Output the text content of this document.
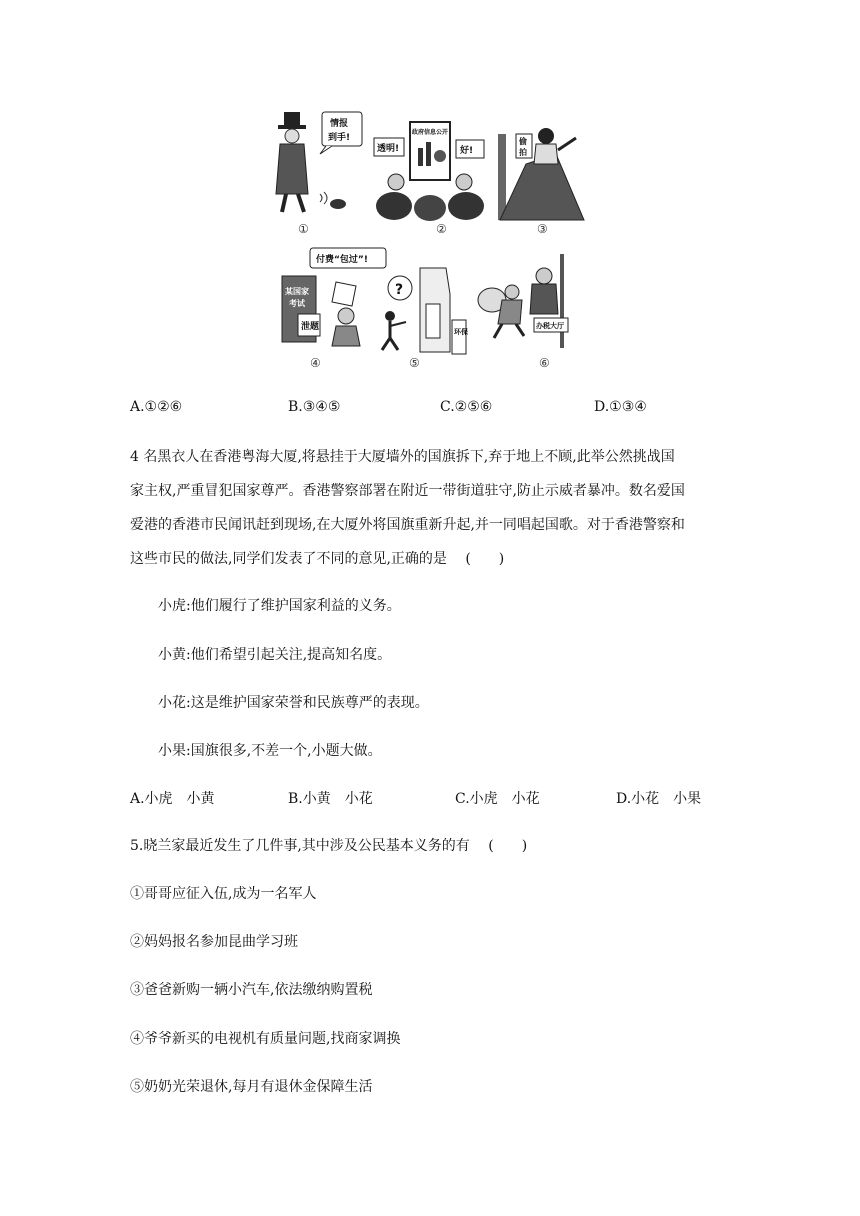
情报
到手!
①
政府信息公开
透明!	好!
②
偷
拍
③
付费“包过”!
某国家
考试
泄题
④
?
环保
⑤
办税大厅
⑥
A.①②⑥	B.③④⑤	C.②⑤⑥	D.①③④
4 名黑衣人在香港粤海大厦,将悬挂于大厦墙外的国旗拆下,弃于地上不顾,此举公然挑战国
家主权,严重冒犯国家尊严。香港警察部署在附近一带街道驻守,防止示威者暴冲。数名爱国
爱港的香港市民闻讯赶到现场,在大厦外将国旗重新升起,并一同唱起国歌。对于香港警察和
这些市民的做法,同学们发表了不同的意见,正确的是 　(　　)
小虎:他们履行了维护国家利益的义务。
小黄:他们希望引起关注,提高知名度。
小花:这是维护国家荣誉和民族尊严的表现。
小果:国旗很多,不差一个,小题大做。
A.小虎　小黄	B.小黄　小花	C.小虎　小花	D.小花　小果
5.晓兰家最近发生了几件事,其中涉及公民基本义务的有 　(　　)
①哥哥应征入伍,成为一名军人
②妈妈报名参加昆曲学习班
③爸爸新购一辆小汽车,依法缴纳购置税
④爷爷新买的电视机有质量问题,找商家调换
⑤奶奶光荣退休,每月有退休金保障生活
